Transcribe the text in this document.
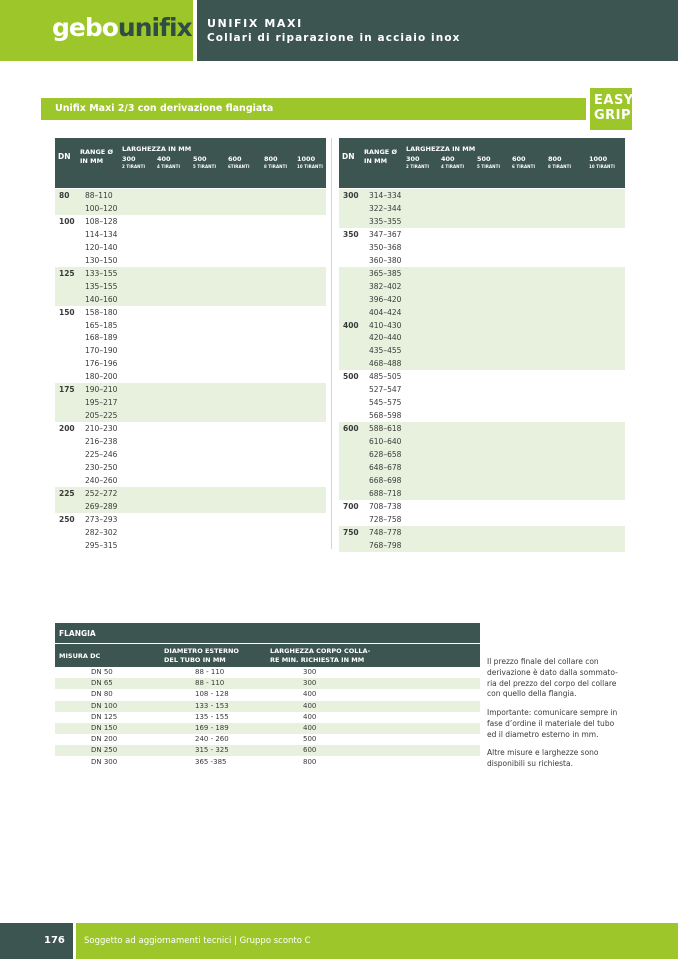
gebounifix UNIFIX MAXI
Collari di riparazione in acciaio inox
Unifix Maxi 2/3 con derivazione flangiata
EASY
GRIP
DN RANGE Ø
IN MM
LARGHEZZA IN MM
300	400	500	600	800	1000
2 TIRANTI	4 TIRANTI	5 TIRANTI	6TIRANTI	8 TIRANTI 10 TIRANTI
DN RANGE Ø
IN MM
LARGHEZZA IN MM
300	400	500	600	800	1000
2 TIRANTI	4 TIRANTI	5 TIRANTI	6 TIRANTI	8 TIRANTI	10 TIRANTI
80 88–110
100–120
100 108–128
114–134
120–140
130–150
125 133–155
135–155
140–160
150 158–180
165–185
168–189
170–190
176–196
180–200
175 190–210
195–217
205–225
200 210–230
216–238
225–246
230–250
240–260
225 252–272
269–289
250 273–293
282–302
295–315
300 314–334
322–344
335–355
350 347–367
350–368
360–380
365–385
382–402
396–420
404–424
400 410–430
420–440
435–455
468–488
500 485–505
527–547
545–575
568–598
600 588–618
610–640
628–658
648–678
668–698
688–718
700 708–738
728–758
750 748–778
768–798
FLANGIA
MISURA DC
DIAMETRO ESTERNO
DEL TUBO IN MM
LARGHEZZA CORPO COLLA-
RE MIN. RICHIESTA IN MM
DN 50	88 - 110	300
DN 65	88 - 110	300
DN 80	108 - 128	400
DN 100	133 - 153	400
DN 125	135 - 155	400
DN 150	169 - 189	400
DN 200	240 - 260	500
DN 250	315 - 325	600
DN 300	365 -385	800
Il prezzo finale del collare con
derivazione è dato dalla sommato-
ria del prezzo del corpo del collare
con quello della flangia.
Importante: comunicare sempre in
fase d’ordine il materiale del tubo
ed il diametro esterno in mm.
Altre misure e larghezze sono
disponibili su richiesta.
176	Soggetto ad aggiornamenti tecnici | Gruppo sconto C
